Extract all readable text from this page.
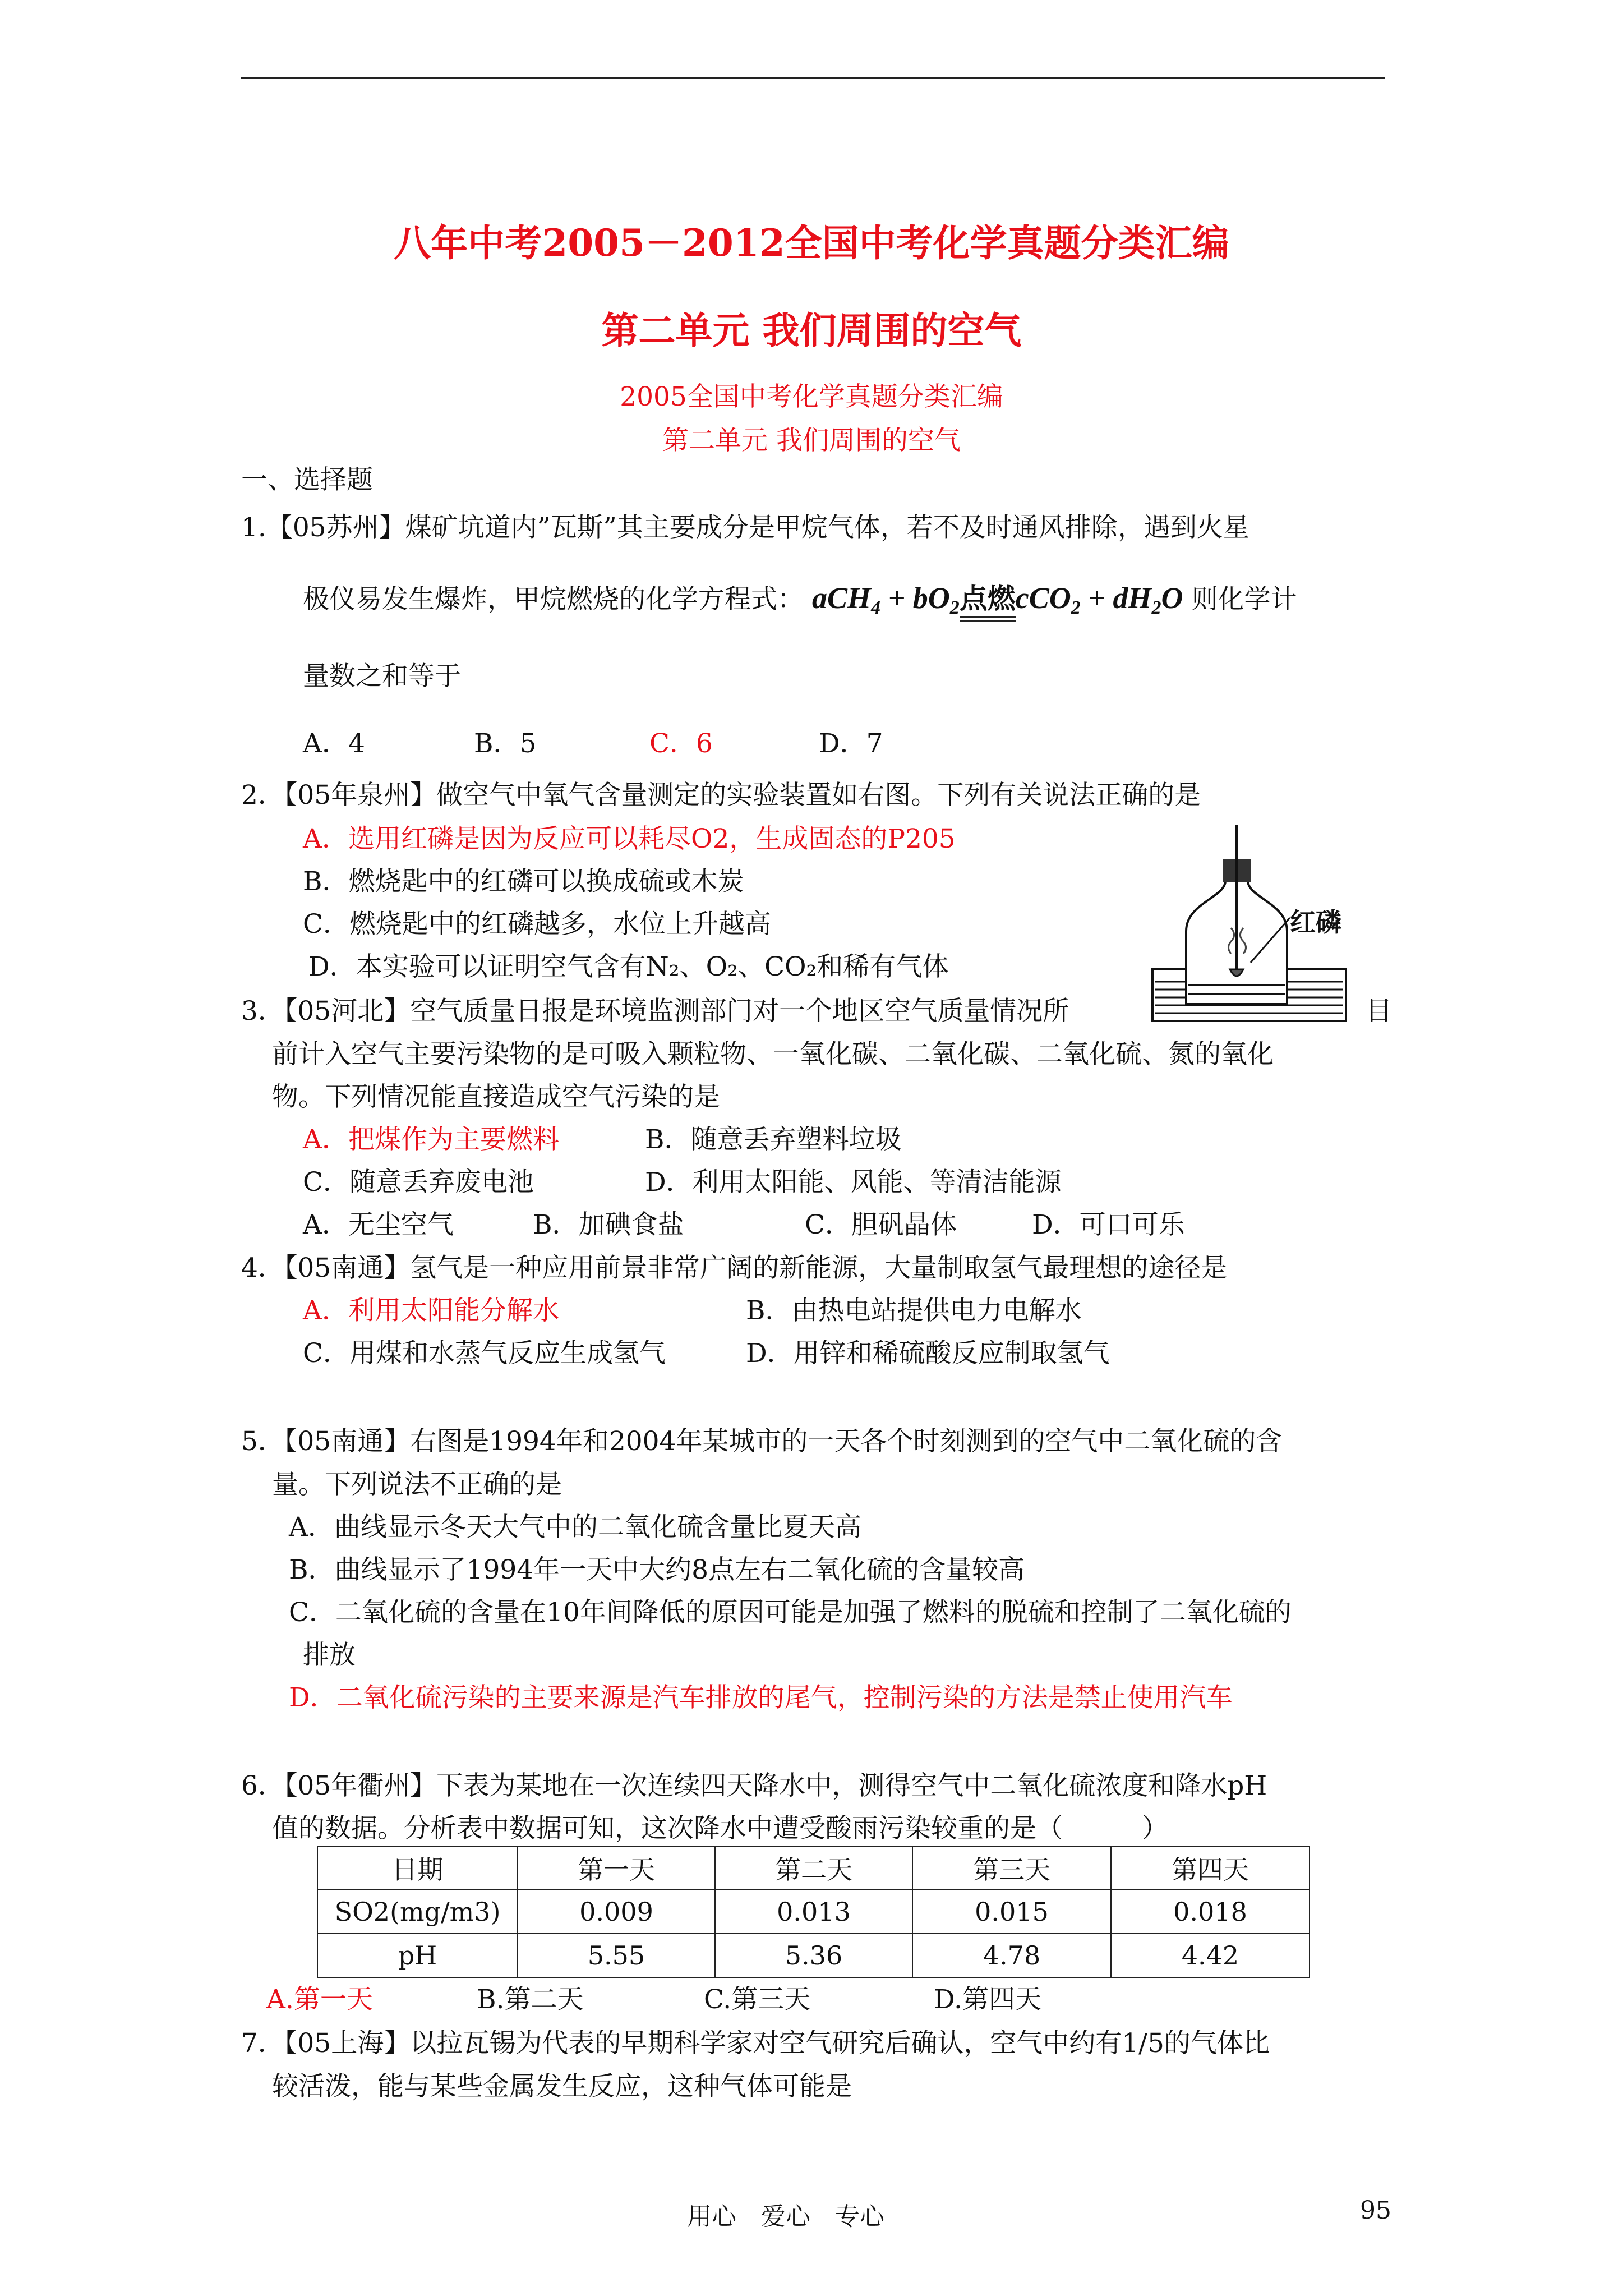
八年中考2005－2012全国中考化学真题分类汇编
第二单元 我们周围的空气
2005全国中考化学真题分类汇编
第二单元 我们周围的空气
一、选择题
1.【05苏州】煤矿坑道内”瓦斯”其主要成分是甲烷气体，若不及时通风排除，遇到火星
极仪易发生爆炸，甲烷燃烧的化学方程式： $aCH_4 + bO_2$点燃$cCO_2 + dH_2O$ 则化学计
量数之和等于
A．4	B．5	C．6	D．7
2．【05年泉州】做空气中氧气含量测定的实验装置如右图。下列有关说法正确的是
A．选用红磷是因为反应可以耗尽O2，生成固态的P205
B．燃烧匙中的红磷可以换成硫或木炭
C．燃烧匙中的红磷越多，水位上升越高
D．本实验可以证明空气含有N₂、O₂、CO₂和稀有气体
红磷
3．【05河北】空气质量日报是环境监测部门对一个地区空气质量情况所	目
前计入空气主要污染物的是可吸入颗粒物、一氧化碳、二氧化碳、二氧化硫、氮的氧化
物。下列情况能直接造成空气污染的是
A．把煤作为主要燃料	B．随意丢弃塑料垃圾
C．随意丢弃废电池	D．利用太阳能、风能、等清洁能源
A．无尘空气	B．加碘食盐	C．胆矾晶体	D．可口可乐
4．【05南通】氢气是一种应用前景非常广阔的新能源，大量制取氢气最理想的途径是
A．利用太阳能分解水	B．由热电站提供电力电解水
C．用煤和水蒸气反应生成氢气	D．用锌和稀硫酸反应制取氢气
5．【05南通】右图是1994年和2004年某城市的一天各个时刻测到的空气中二氧化硫的含
量。下列说法不正确的是
A．曲线显示冬天大气中的二氧化硫含量比夏天高
B．曲线显示了1994年一天中大约8点左右二氧化硫的含量较高
C．二氧化硫的含量在10年间降低的原因可能是加强了燃料的脱硫和控制了二氧化硫的
排放
D．二氧化硫污染的主要来源是汽车排放的尾气，控制污染的方法是禁止使用汽车
6．【05年衢州】下表为某地在一次连续四天降水中，测得空气中二氧化硫浓度和降水pH
值的数据。分析表中数据可知，这次降水中遭受酸雨污染较重的是（　　　）
日期	第一天	第二天	第三天	第四天
SO2(mg/m3)	0.009	0.013	0.015	0.018
pH	5.55	5.36	4.78	4.42
A.第一天	B.第二天	C.第三天	D.第四天
7．【05上海】以拉瓦锡为代表的早期科学家对空气研究后确认，空气中约有1/5的气体比
较活泼，能与某些金属发生反应，这种气体可能是
用心　爱心　专心	95
